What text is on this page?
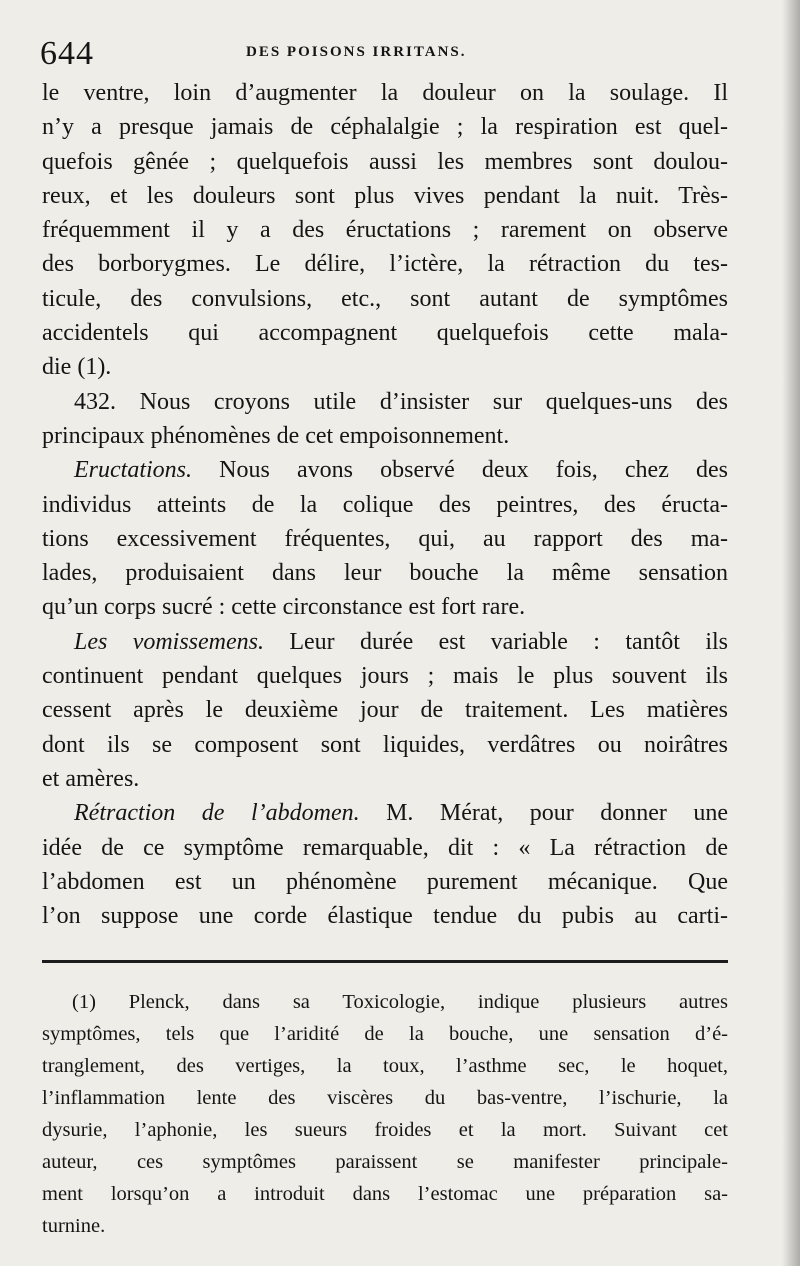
644	DES POISONS IRRITANS.
le ventre, loin d’augmenter la douleur on la soulage. Il
n’y a presque jamais de céphalalgie ; la respiration est quel-
quefois gênée ; quelquefois aussi les membres sont doulou-
reux, et les douleurs sont plus vives pendant la nuit. Très-
fréquemment il y a des éructations ; rarement on observe
des borborygmes. Le délire, l’ictère, la rétraction du tes-
ticule, des convulsions, etc., sont autant de symptômes
accidentels qui accompagnent quelquefois cette mala-
die (1).
432. Nous croyons utile d’insister sur quelques-uns des
principaux phénomènes de cet empoisonnement.
Eructations. Nous avons observé deux fois, chez des
individus atteints de la colique des peintres, des éructa-
tions excessivement fréquentes, qui, au rapport des ma-
lades, produisaient dans leur bouche la même sensation
qu’un corps sucré : cette circonstance est fort rare.
Les vomissemens. Leur durée est variable : tantôt ils
continuent pendant quelques jours ; mais le plus souvent ils
cessent après le deuxième jour de traitement. Les matières
dont ils se composent sont liquides, verdâtres ou noirâtres
et amères.
Rétraction de l’abdomen. M. Mérat, pour donner une
idée de ce symptôme remarquable, dit : « La rétraction de
l’abdomen est un phénomène purement mécanique. Que
l’on suppose une corde élastique tendue du pubis au carti-
(1) Plenck, dans sa Toxicologie, indique plusieurs autres
symptômes, tels que l’aridité de la bouche, une sensation d’é-
tranglement, des vertiges, la toux, l’asthme sec, le hoquet,
l’inflammation lente des viscères du bas-ventre, l’ischurie, la
dysurie, l’aphonie, les sueurs froides et la mort. Suivant cet
auteur, ces symptômes paraissent se manifester principale-
ment lorsqu’on a introduit dans l’estomac une préparation sa-
turnine.
